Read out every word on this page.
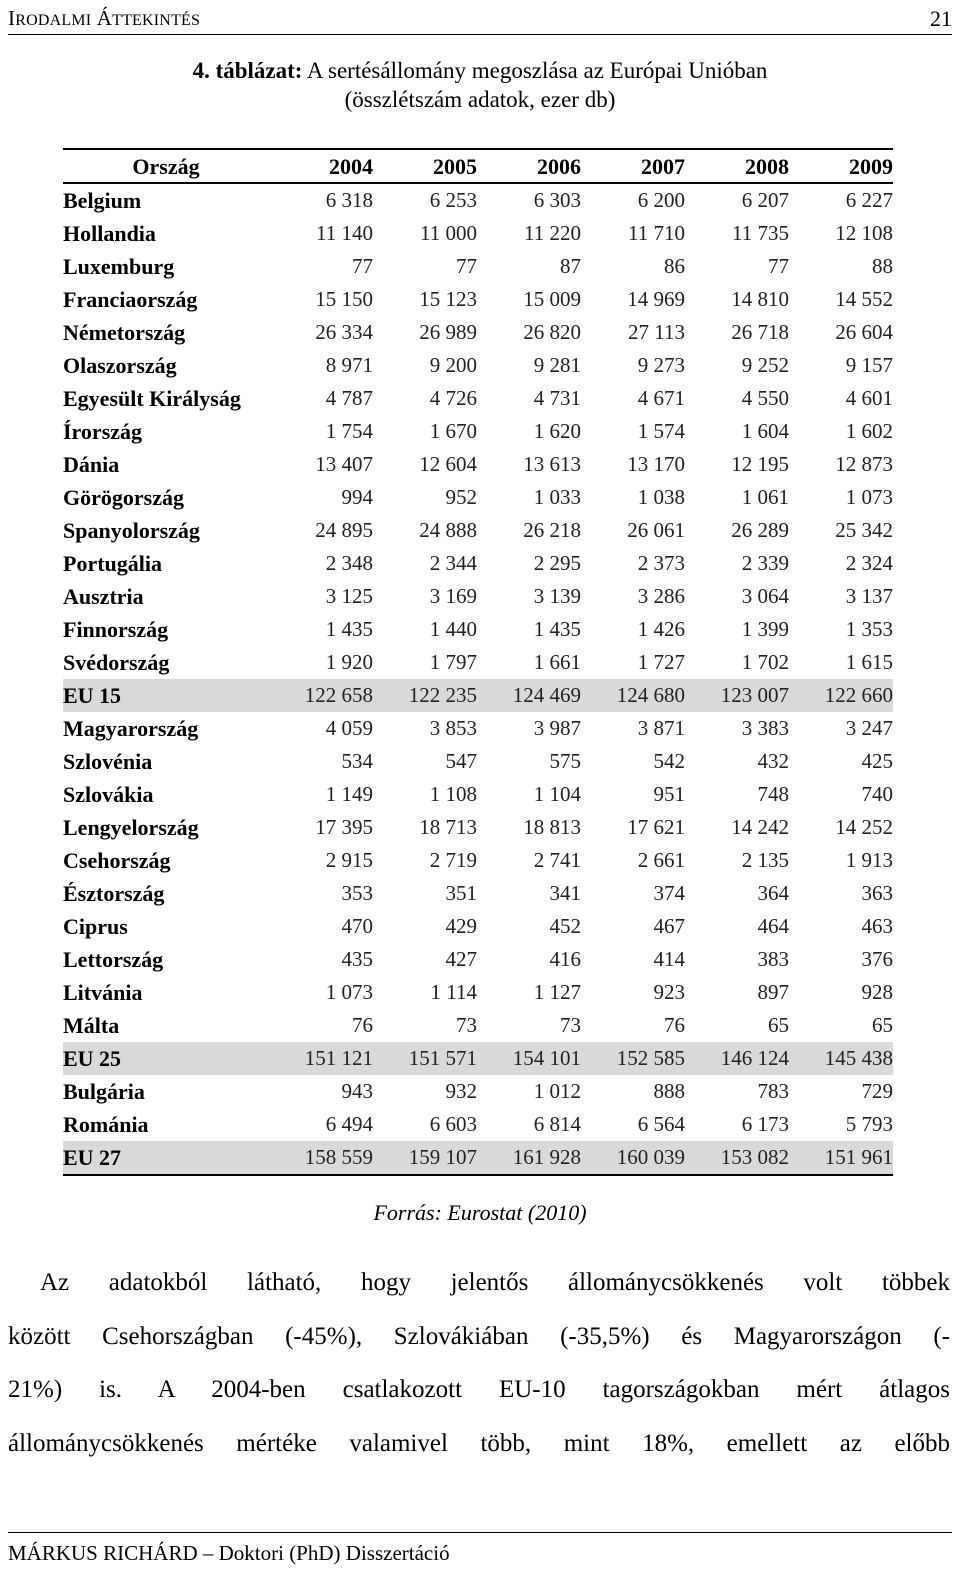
IRODALMI ÁTTEKINTÉS	21
4. táblázat: A sertésállomány megoszlása az Európai Unióban
(összlétszám adatok, ezer db)
Ország	2004	2005	2006	2007	2008	2009
Belgium	6 318	6 253	6 303	6 200	6 207	6 227
Hollandia	11 140	11 000	11 220	11 710	11 735	12 108
Luxemburg	77	77	87	86	77	88
Franciaország	15 150	15 123	15 009	14 969	14 810	14 552
Németország	26 334	26 989	26 820	27 113	26 718	26 604
Olaszország	8 971	9 200	9 281	9 273	9 252	9 157
Egyesült Királyság	4 787	4 726	4 731	4 671	4 550	4 601
Írország	1 754	1 670	1 620	1 574	1 604	1 602
Dánia	13 407	12 604	13 613	13 170	12 195	12 873
Görögország	994	952	1 033	1 038	1 061	1 073
Spanyolország	24 895	24 888	26 218	26 061	26 289	25 342
Portugália	2 348	2 344	2 295	2 373	2 339	2 324
Ausztria	3 125	3 169	3 139	3 286	3 064	3 137
Finnország	1 435	1 440	1 435	1 426	1 399	1 353
Svédország	1 920	1 797	1 661	1 727	1 702	1 615
EU 15	122 658	122 235	124 469	124 680	123 007	122 660
Magyarország	4 059	3 853	3 987	3 871	3 383	3 247
Szlovénia	534	547	575	542	432	425
Szlovákia	1 149	1 108	1 104	951	748	740
Lengyelország	17 395	18 713	18 813	17 621	14 242	14 252
Csehország	2 915	2 719	2 741	2 661	2 135	1 913
Észtország	353	351	341	374	364	363
Ciprus	470	429	452	467	464	463
Lettország	435	427	416	414	383	376
Litvánia	1 073	1 114	1 127	923	897	928
Málta	76	73	73	76	65	65
EU 25	151 121	151 571	154 101	152 585	146 124	145 438
Bulgária	943	932	1 012	888	783	729
Románia	6 494	6 603	6 814	6 564	6 173	5 793
EU 27	158 559	159 107	161 928	160 039	153 082	151 961
Forrás: Eurostat (2010)
Az adatokból látható, hogy jelentős állománycsökkenés volt többek
között Csehországban (-45%), Szlovákiában (-35,5%) és Magyarországon (-
21%) is. A 2004-ben csatlakozott EU-10 tagországokban mért átlagos
állománycsökkenés mértéke valamivel több, mint 18%, emellett az előbb
MÁRKUS RICHÁRD – Doktori (PhD) Disszertáció
